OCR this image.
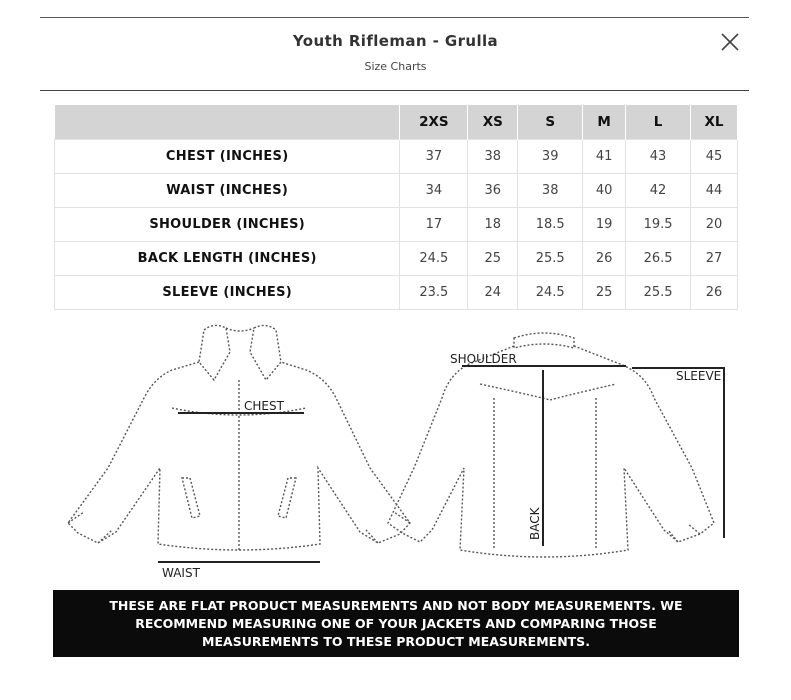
Youth Rifleman - Grulla
Size Charts
	2XS	XS	S	M	L	XL
CHEST (INCHES)	37	38	39	41	43	45
WAIST (INCHES)	34	36	38	40	42	44
SHOULDER (INCHES)	17	18	18.5	19	19.5	20
BACK LENGTH (INCHES)	24.5	25	25.5	26	26.5	27
SLEEVE (INCHES)	23.5	24	24.5	25	25.5	26
CHEST
WAIST
SHOULDER
SLEEVE
BACK
THESE ARE FLAT PRODUCT MEASUREMENTS AND NOT BODY MEASUREMENTS. WE RECOMMEND MEASURING ONE OF YOUR JACKETS AND COMPARING THOSE MEASUREMENTS TO THESE PRODUCT MEASUREMENTS.
